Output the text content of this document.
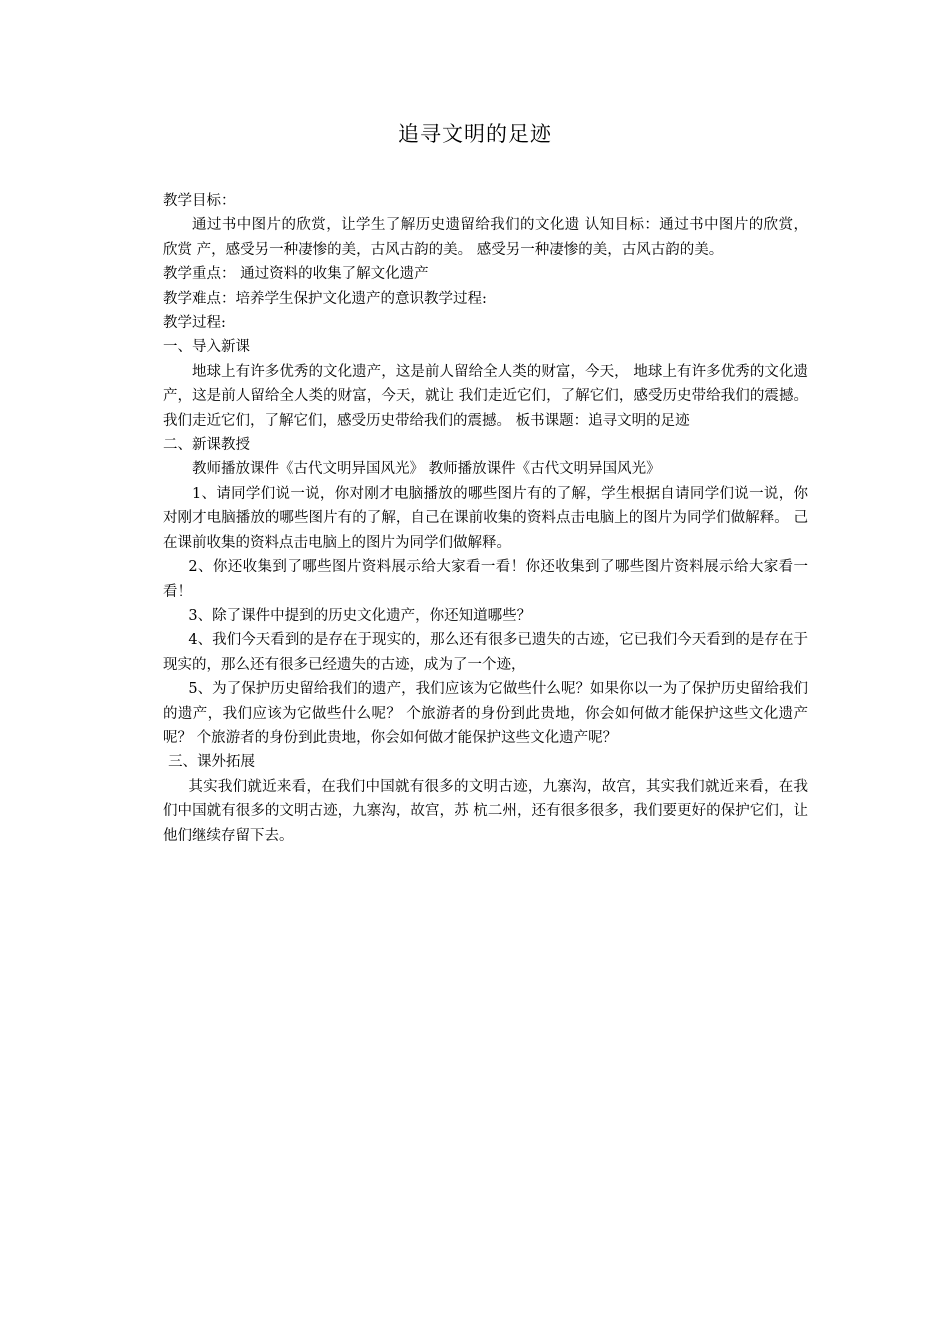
追寻文明的足迹

教学目标：

通过书中图片的欣赏，让学生了解历史遗留给我们的文化遗 认知目标：通过书中图片的欣赏， 欣赏 产，感受另一种凄惨的美，古风古韵的美。 感受另一种凄惨的美，古风古韵的美。

教学重点： 通过资料的收集了解文化遗产

教学难点：培养学生保护文化遗产的意识教学过程:

教学过程:

一、导入新课

地球上有许多优秀的文化遗产，这是前人留给全人类的财富，今天， 地球上有许多优秀的文化遗产，这是前人留给全人类的财富，今天，就让 我们走近它们，了解它们，感受历史带给我们的震撼。 我们走近它们，了解它们，感受历史带给我们的震撼。 板书课题：追寻文明的足迹

二、新课教授

教师播放课件《古代文明异国风光》 教师播放课件《古代文明异国风光》

1、请同学们说一说，你对刚才电脑播放的哪些图片有的了解，学生根据自请同学们说一说，你对刚才电脑播放的哪些图片有的了解，自己在课前收集的资料点击电脑上的图片为同学们做解释。 己在课前收集的资料点击电脑上的图片为同学们做解释。

2、你还收集到了哪些图片资料展示给大家看一看！你还收集到了哪些图片资料展示给大家看一看！

3、除了课件中提到的历史文化遗产，你还知道哪些？

4、我们今天看到的是存在于现实的，那么还有很多已遗失的古迹，它已我们今天看到的是存在于现实的，那么还有很多已经遗失的古迹，成为了一个迹，

5、为了保护历史留给我们的遗产，我们应该为它做些什么呢？如果你以一为了保护历史留给我们的遗产，我们应该为它做些什么呢？ 个旅游者的身份到此贵地，你会如何做才能保护这些文化遗产呢？ 个旅游者的身份到此贵地，你会如何做才能保护这些文化遗产呢？

三、课外拓展

其实我们就近来看，在我们中国就有很多的文明古迹，九寨沟，故宫，其实我们就近来看，在我们中国就有很多的文明古迹，九寨沟，故宫，苏 杭二州，还有很多很多，我们要更好的保护它们，让他们继续存留下去。
